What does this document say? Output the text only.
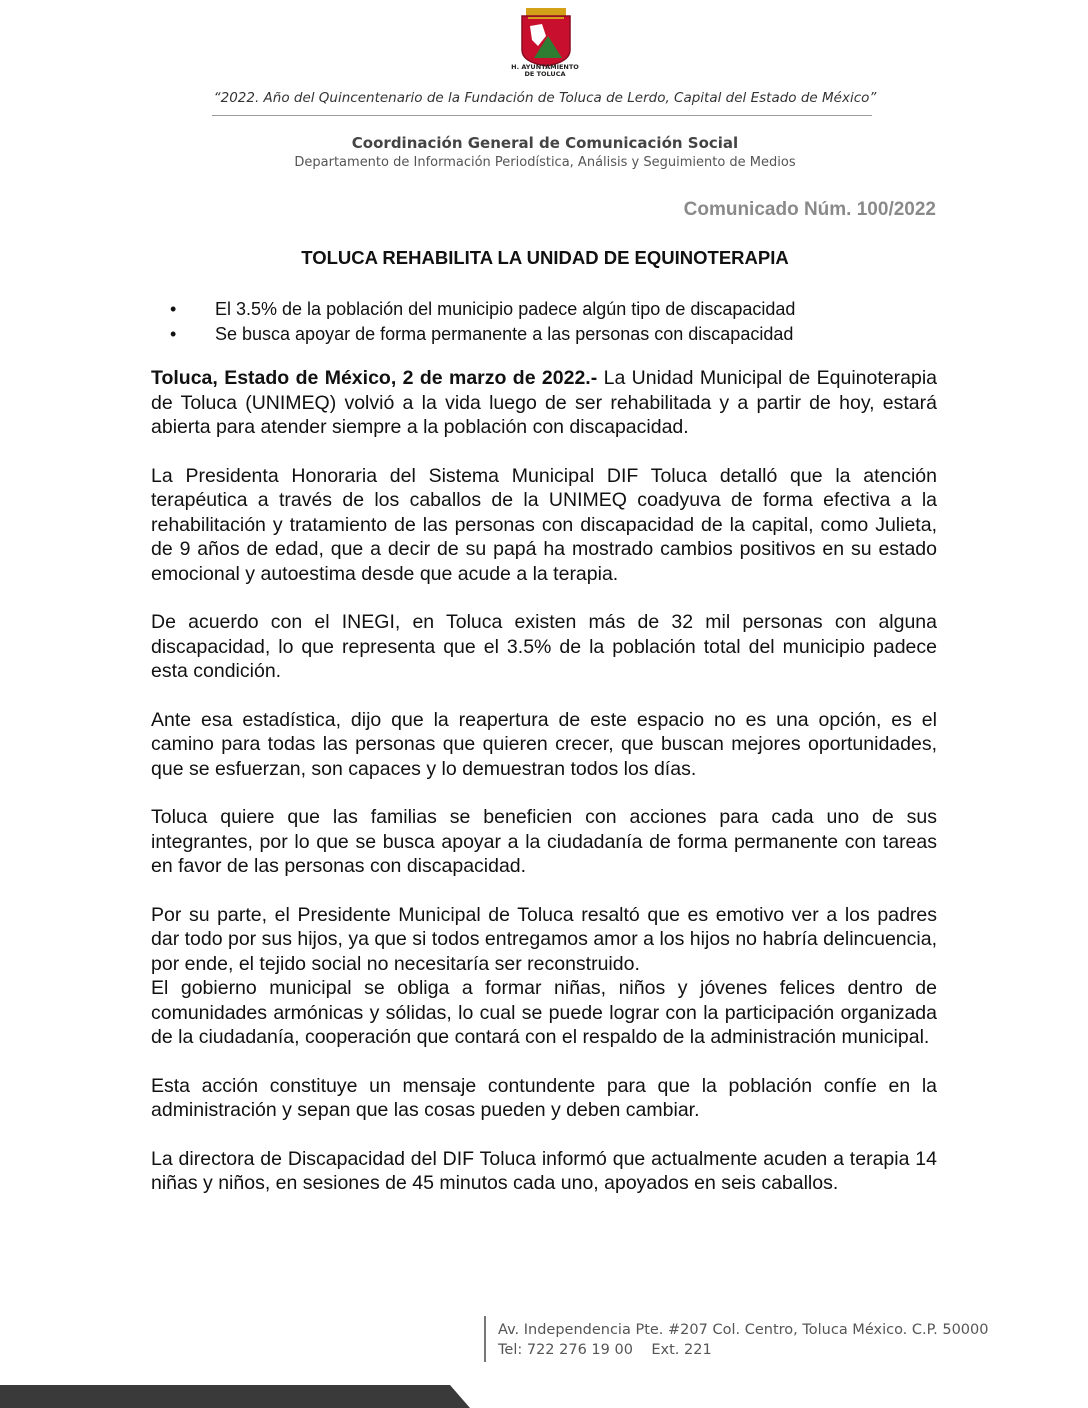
H. AYUNTAMIENTO
DE TOLUCA
“2022. Año del Quincentenario de la Fundación de Toluca de Lerdo, Capital del Estado de México”
Coordinación General de Comunicación Social
Departamento de Información Periodística, Análisis y Seguimiento de Medios
Comunicado Núm. 100/2022
TOLUCA REHABILITA LA UNIDAD DE EQUINOTERAPIA
• El 3.5% de la población del municipio padece algún tipo de discapacidad
• Se busca apoyar de forma permanente a las personas con discapacidad

Toluca, Estado de México, 2 de marzo de 2022.- La Unidad Municipal de Equinoterapia de Toluca (UNIMEQ) volvió a la vida luego de ser rehabilitada y a partir de hoy, estará abierta para atender siempre a la población con discapacidad.

La Presidenta Honoraria del Sistema Municipal DIF Toluca detalló que la atención terapéutica a través de los caballos de la UNIMEQ coadyuva de forma efectiva a la rehabilitación y tratamiento de las personas con discapacidad de la capital, como Julieta, de 9 años de edad, que a decir de su papá ha mostrado cambios positivos en su estado emocional y autoestima desde que acude a la terapia.

De acuerdo con el INEGI, en Toluca existen más de 32 mil personas con alguna discapacidad, lo que representa que el 3.5% de la población total del municipio padece esta condición.

Ante esa estadística, dijo que la reapertura de este espacio no es una opción, es el camino para todas las personas que quieren crecer, que buscan mejores oportunidades, que se esfuerzan, son capaces y lo demuestran todos los días.

Toluca quiere que las familias se beneficien con acciones para cada uno de sus integrantes, por lo que se busca apoyar a la ciudadanía de forma permanente con tareas en favor de las personas con discapacidad.

Por su parte, el Presidente Municipal de Toluca resaltó que es emotivo ver a los padres dar todo por sus hijos, ya que si todos entregamos amor a los hijos no habría delincuencia, por ende, el tejido social no necesitaría ser reconstruido.

El gobierno municipal se obliga a formar niñas, niños y jóvenes felices dentro de comunidades armónicas y sólidas, lo cual se puede lograr con la participación organizada de la ciudadanía, cooperación que contará con el respaldo de la administración municipal.

Esta acción constituye un mensaje contundente para que la población confíe en la administración y sepan que las cosas pueden y deben cambiar.

La directora de Discapacidad del DIF Toluca informó que actualmente acuden a terapia 14 niñas y niños, en sesiones de 45 minutos cada uno, apoyados en seis caballos.

Av. Independencia Pte. #207 Col. Centro, Toluca México. C.P. 50000
Tel: 722 276 19 00    Ext. 221
